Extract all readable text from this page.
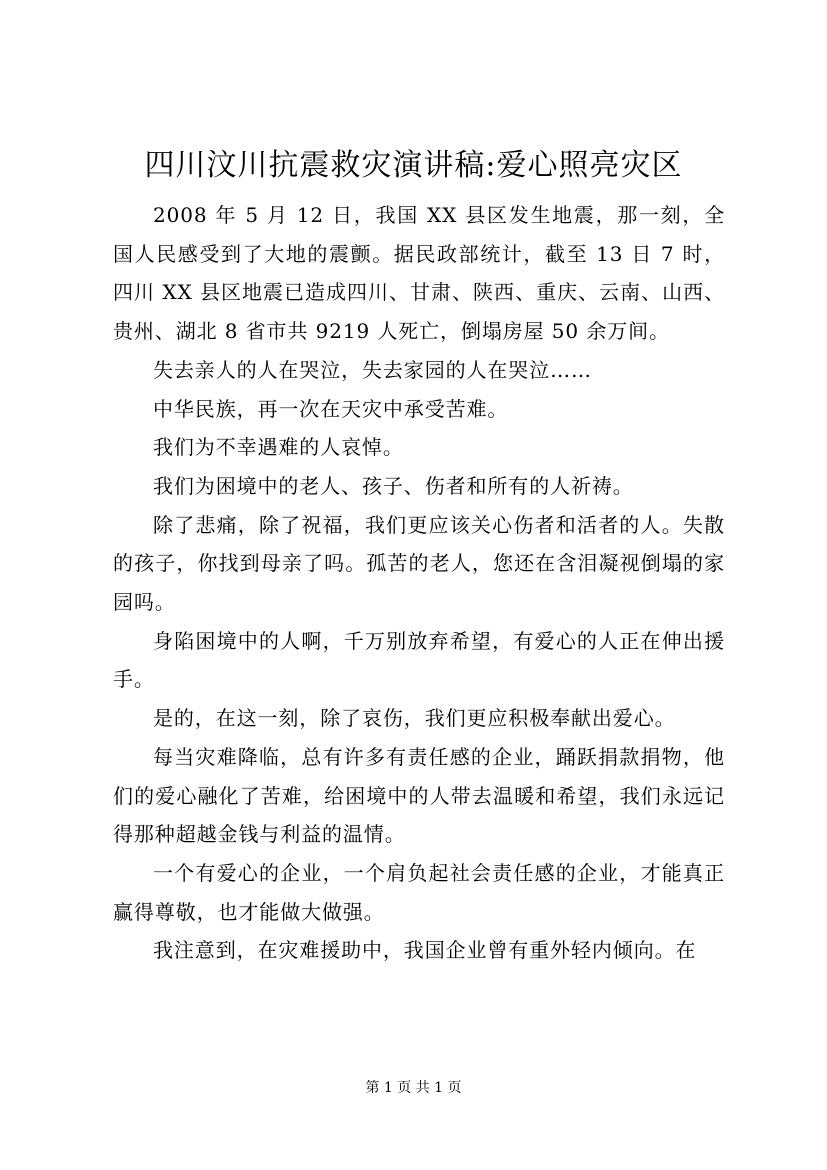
四川汶川抗震救灾演讲稿:爱心照亮灾区

2008 年 5 月 12 日，我国 XX 县区发生地震，那一刻，全国人民感受到了大地的震颤。据民政部统计，截至 13 日 7 时，四川 XX 县区地震已造成四川、甘肃、陕西、重庆、云南、山西、贵州、湖北 8 省市共 9219 人死亡，倒塌房屋 50 余万间。

失去亲人的人在哭泣，失去家园的人在哭泣……

中华民族，再一次在天灾中承受苦难。

我们为不幸遇难的人哀悼。

我们为困境中的老人、孩子、伤者和所有的人祈祷。

除了悲痛，除了祝福，我们更应该关心伤者和活者的人。失散的孩子，你找到母亲了吗。孤苦的老人，您还在含泪凝视倒塌的家园吗。

身陷困境中的人啊，千万别放弃希望，有爱心的人正在伸出援手。

是的，在这一刻，除了哀伤，我们更应积极奉献出爱心。

每当灾难降临，总有许多有责任感的企业，踊跃捐款捐物，他们的爱心融化了苦难，给困境中的人带去温暖和希望，我们永远记得那种超越金钱与利益的温情。

一个有爱心的企业，一个肩负起社会责任感的企业，才能真正赢得尊敬，也才能做大做强。

我注意到，在灾难援助中，我国企业曾有重外轻内倾向。在

第 1 页 共 1 页
